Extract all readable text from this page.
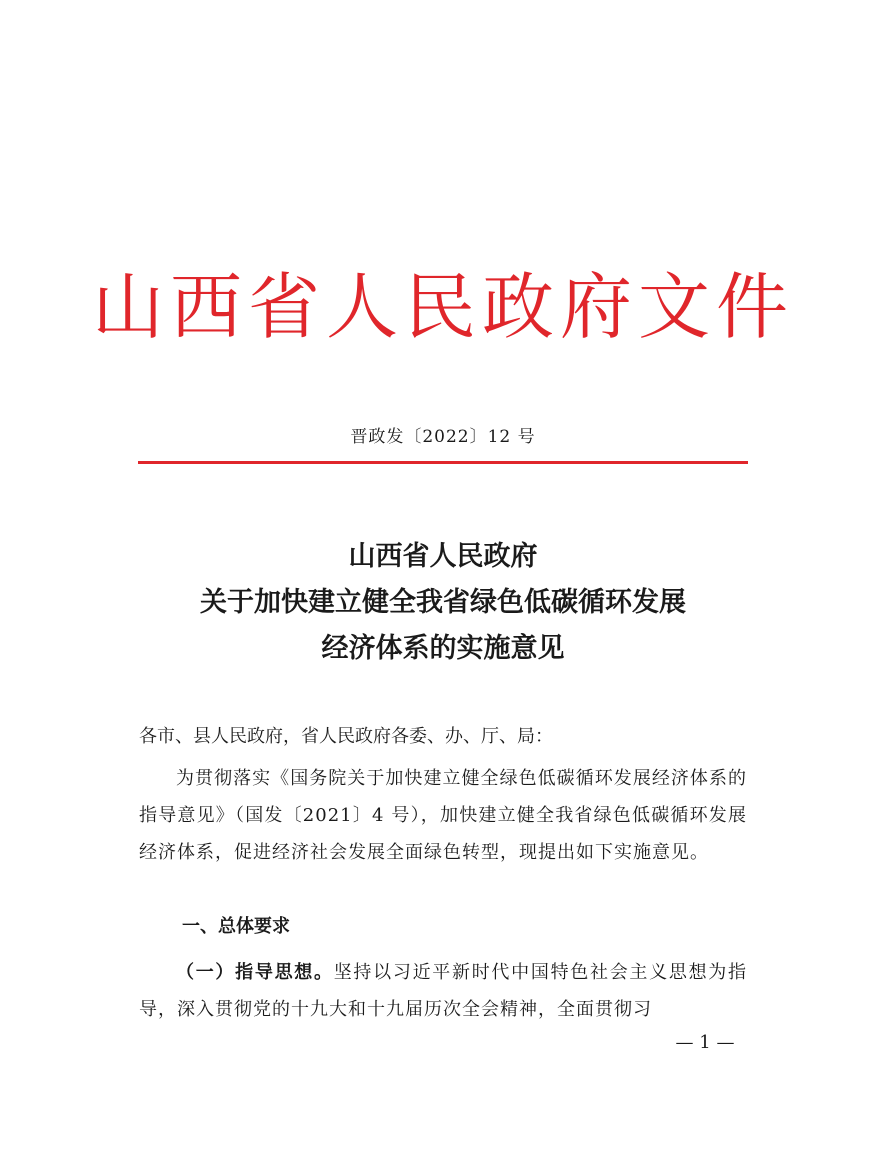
山西省人民政府文件
晋政发〔2022〕12 号
山西省人民政府
关于加快建立健全我省绿色低碳循环发展
经济体系的实施意见
各市、县人民政府，省人民政府各委、办、厅、局：
为贯彻落实《国务院关于加快建立健全绿色低碳循环发展经济体系的指导意见》（国发〔2021〕4 号），加快建立健全我省绿色低碳循环发展经济体系，促进经济社会发展全面绿色转型，现提出如下实施意见。
一、总体要求
（一）指导思想。坚持以习近平新时代中国特色社会主义思想为指导，深入贯彻党的十九大和十九届历次全会精神，全面贯彻习
— 1 —
